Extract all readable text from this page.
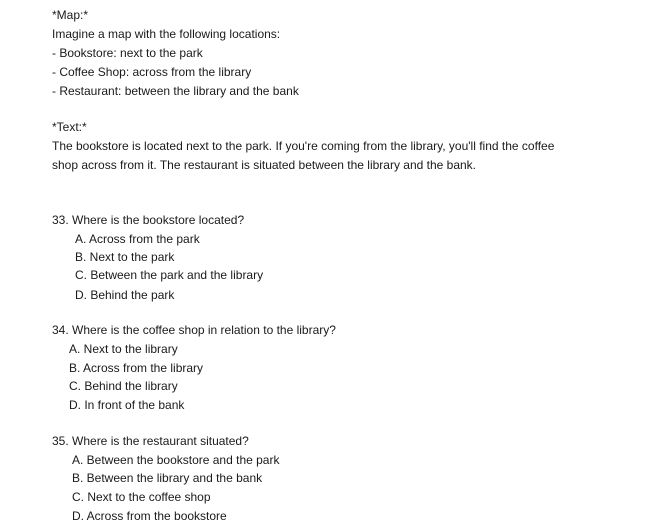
*Map:*
Imagine a map with the following locations:
- Bookstore: next to the park
- Coffee Shop: across from the library
- Restaurant: between the library and the bank
*Text:*
The bookstore is located next to the park. If you're coming from the library, you'll find the coffee
shop across from it. The restaurant is situated between the library and the bank.
33. Where is the bookstore located?
A. Across from the park
B. Next to the park
C. Between the park and the library
D. Behind the park
34. Where is the coffee shop in relation to the library?
A. Next to the library
B. Across from the library
C. Behind the library
D. In front of the bank
35. Where is the restaurant situated?
A. Between the bookstore and the park
B. Between the library and the bank
C. Next to the coffee shop
D. Across from the bookstore
